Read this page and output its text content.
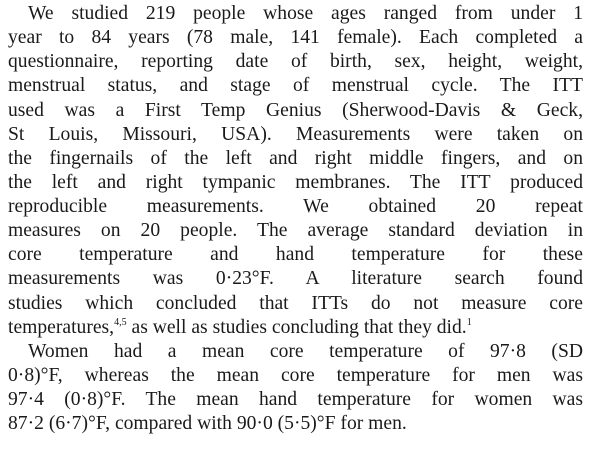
We studied 219 people whose ages ranged from under 1
year to 84 years (78 male, 141 female). Each completed a
questionnaire, reporting date of birth, sex, height, weight,
menstrual status, and stage of menstrual cycle. The ITT
used was a First Temp Genius (Sherwood-Davis & Geck,
St Louis, Missouri, USA). Measurements were taken on
the fingernails of the left and right middle fingers, and on
the left and right tympanic membranes. The ITT produced
reproducible measurements. We obtained 20 repeat
measures on 20 people. The average standard deviation in
core temperature and hand temperature for these
measurements was 0·23°F. A literature search found
studies which concluded that ITTs do not measure core
temperatures,$^{4,5}$ as well as studies concluding that they did.$^1$
Women had a mean core temperature of 97·8 (SD
0·8)°F, whereas the mean core temperature for men was
97·4 (0·8)°F. The mean hand temperature for women was
87·2 (6·7)°F, compared with 90·0 (5·5)°F for men.
